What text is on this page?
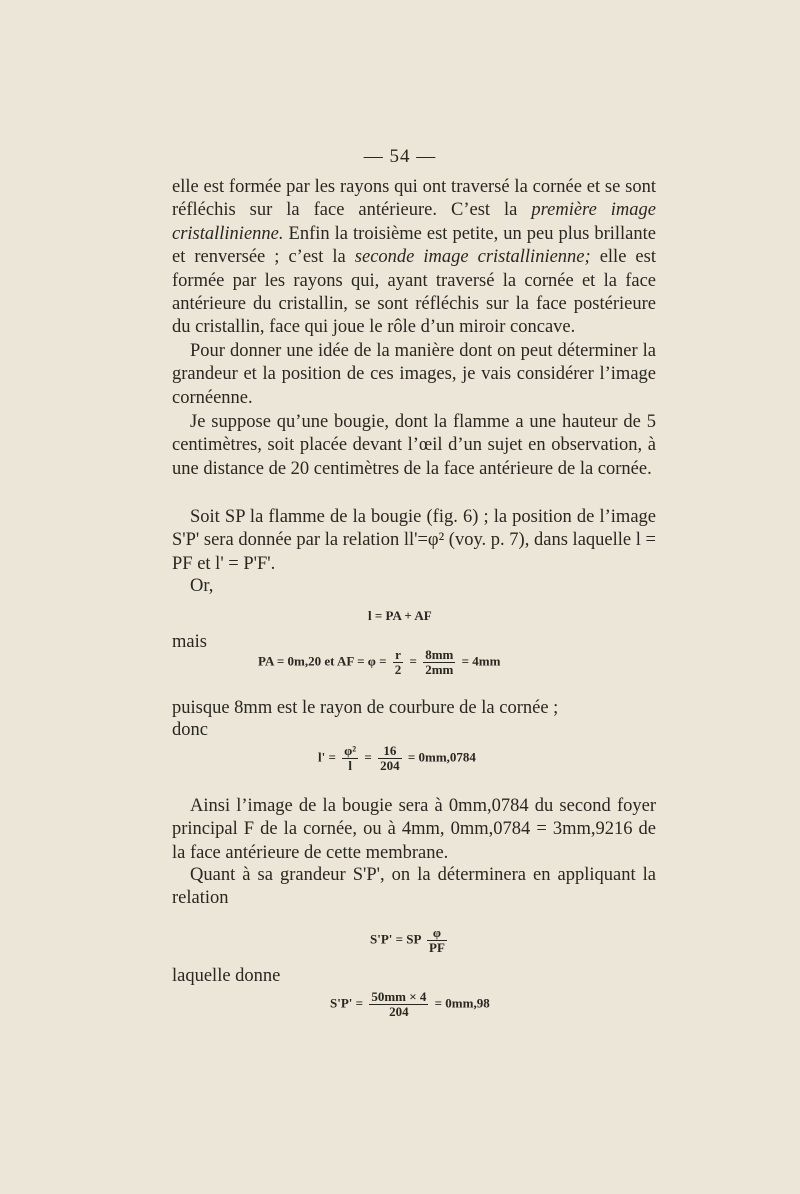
— 54 —

elle est formée par les rayons qui ont traversé la cornée et se sont réfléchis sur la face antérieure. C’est la première image cristallinienne. Enfin la troisième est petite, un peu plus brillante et renversée ; c’est la seconde image cristallinienne; elle est formée par les rayons qui, ayant traversé la cornée et la face antérieure du cristallin, se sont réfléchis sur la face postérieure du cristallin, face qui joue le rôle d’un miroir concave.

Pour donner une idée de la manière dont on peut déterminer la grandeur et la position de ces images, je vais considérer l’image cornéenne.

Je suppose qu’une bougie, dont la flamme a une hauteur de 5 centimètres, soit placée devant l’œil d’un sujet en observation, à une distance de 20 centimètres de la face antérieure de la cornée.

Soit SP la flamme de la bougie (fig. 6) ; la position de l’image S'P' sera donnée par la relation ll'=φ² (voy. p. 7), dans laquelle l = PF et l' = P'F'.

Or,
l = PA + AF
mais
PA = 0m,20 et AF = $\varphi = \frac{r}{2} = \frac{8mm}{2mm} = 4mm$
puisque 8mm est le rayon de courbure de la cornée ;
donc
$l' = \frac{\text{φ²}}{l} = \frac{16}{204} = 0mm,0784$

Ainsi l’image de la bougie sera à 0mm,0784 du second foyer principal F de la cornée, ou à 4mm, 0mm,0784 = 3mm,9216 de la face antérieure de cette membrane.

Quant à sa grandeur S'P', on la déterminera en appliquant la relation

S'P' = SP $\frac{\varphi}{PF}$
laquelle donne
$S'P' = \frac{50mm \times 4}{204} = 0mm,98$
